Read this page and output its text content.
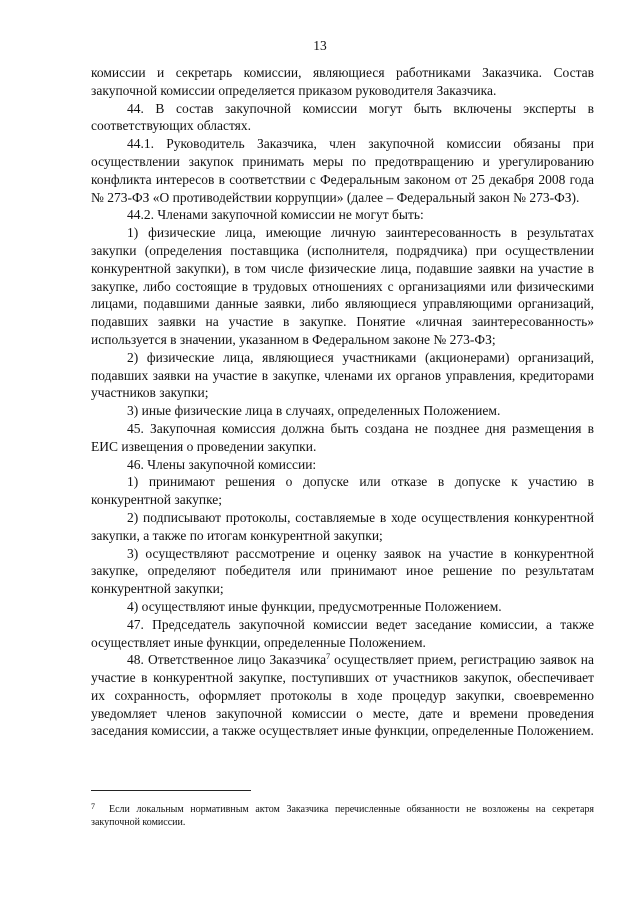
13

комиссии и секретарь комиссии, являющиеся работниками Заказчика. Состав закупочной комиссии определяется приказом руководителя Заказчика.

44. В состав закупочной комиссии могут быть включены эксперты в соответствующих областях.

44.1. Руководитель Заказчика, член закупочной комиссии обязаны при осуществлении закупок принимать меры по предотвращению и урегулированию конфликта интересов в соответствии с Федеральным законом от 25 декабря 2008 года № 273-ФЗ «О противодействии коррупции» (далее – Федеральный закон № 273-ФЗ).

44.2. Членами закупочной комиссии не могут быть:

1) физические лица, имеющие личную заинтересованность в результатах закупки (определения поставщика (исполнителя, подрядчика) при осуществлении конкурентной закупки), в том числе физические лица, подавшие заявки на участие в закупке, либо состоящие в трудовых отношениях с организациями или физическими лицами, подавшими данные заявки, либо являющиеся управляющими организаций, подавших заявки на участие в закупке. Понятие «личная заинтересованность» используется в значении, указанном в Федеральном законе № 273-ФЗ;

2) физические лица, являющиеся участниками (акционерами) организаций, подавших заявки на участие в закупке, членами их органов управления, кредиторами участников закупки;

3) иные физические лица в случаях, определенных Положением.

45. Закупочная комиссия должна быть создана не позднее дня размещения в ЕИС извещения о проведении закупки.

46. Члены закупочной комиссии:

1) принимают решения о допуске или отказе в допуске к участию в конкурентной закупке;

2) подписывают протоколы, составляемые в ходе осуществления конкурентной закупки, а также по итогам конкурентной закупки;

3) осуществляют рассмотрение и оценку заявок на участие в конкурентной закупке, определяют победителя или принимают иное решение по результатам конкурентной закупки;

4) осуществляют иные функции, предусмотренные Положением.

47. Председатель закупочной комиссии ведет заседание комиссии, а также осуществляет иные функции, определенные Положением.

48. Ответственное лицо Заказчика$^7$ осуществляет прием, регистрацию заявок на участие в конкурентной закупке, поступивших от участников закупок, обеспечивает их сохранность, оформляет протоколы в ходе процедур закупки, своевременно уведомляет членов закупочной комиссии о месте, дате и времени проведения заседания комиссии, а также осуществляет иные функции, определенные Положением.

$^7$ Если локальным нормативным актом Заказчика перечисленные обязанности не возложены на секретаря закупочной комиссии.
